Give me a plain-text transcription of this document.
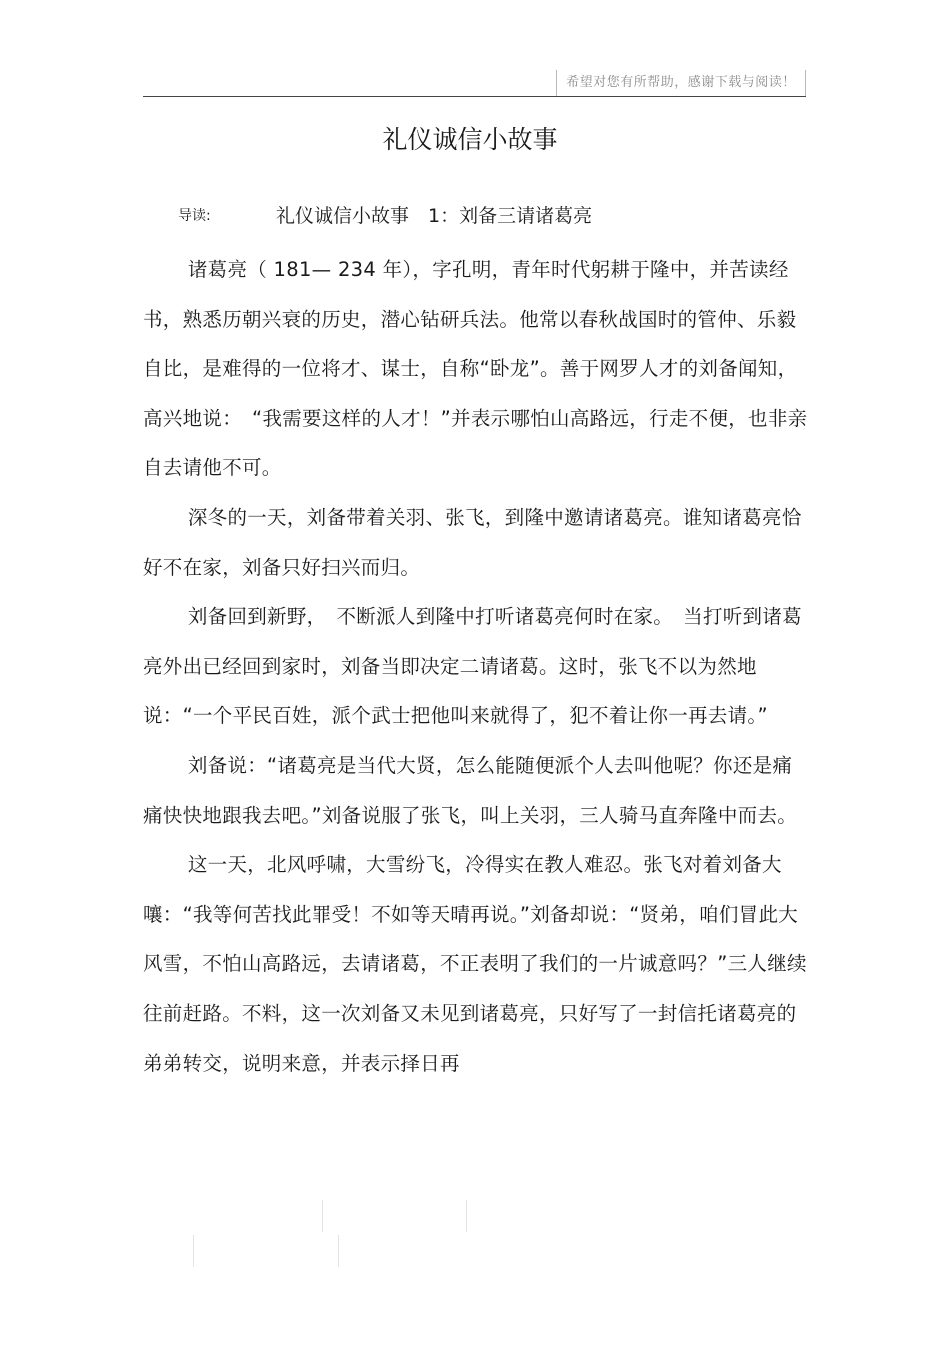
希望对您有所帮助，感谢下载与阅读！
礼仪诚信小故事
导读:	礼仪诚信小故事　1：刘备三请诸葛亮

诸葛亮（ 181— 234 年），字孔明，青年时代躬耕于隆中，并苦读经书，熟悉历朝兴衰的历史，潜心钻研兵法。他常以春秋战国时的管仲、乐毅自比，是难得的一位将才、谋士，自称“卧龙”。善于网罗人才的刘备闻知，高兴地说：　“我需要这样的人才！”并表示哪怕山高路远，行走不便，也非亲自去请他不可。

深冬的一天，刘备带着关羽、张飞，到隆中邀请诸葛亮。谁知诸葛亮恰好不在家，刘备只好扫兴而归。

刘备回到新野，　不断派人到隆中打听诸葛亮何时在家。　当打听到诸葛亮外出已经回到家时，刘备当即决定二请诸葛。这时，张飞不以为然地说：“一个平民百姓，派个武士把他叫来就得了，犯不着让你一再去请。”

刘备说：“诸葛亮是当代大贤，怎么能随便派个人去叫他呢？你还是痛痛快快地跟我去吧。”刘备说服了张飞，叫上关羽，三人骑马直奔隆中而去。

这一天，北风呼啸，大雪纷飞，冷得实在教人难忍。张飞对着刘备大嚷：“我等何苦找此罪受！不如等天晴再说。”刘备却说：“贤弟，咱们冒此大风雪，不怕山高路远，去请诸葛，不正表明了我们的一片诚意吗？”三人继续往前赶路。不料，这一次刘备又未见到诸葛亮，只好写了一封信托诸葛亮的弟弟转交，说明来意，并表示择日再
